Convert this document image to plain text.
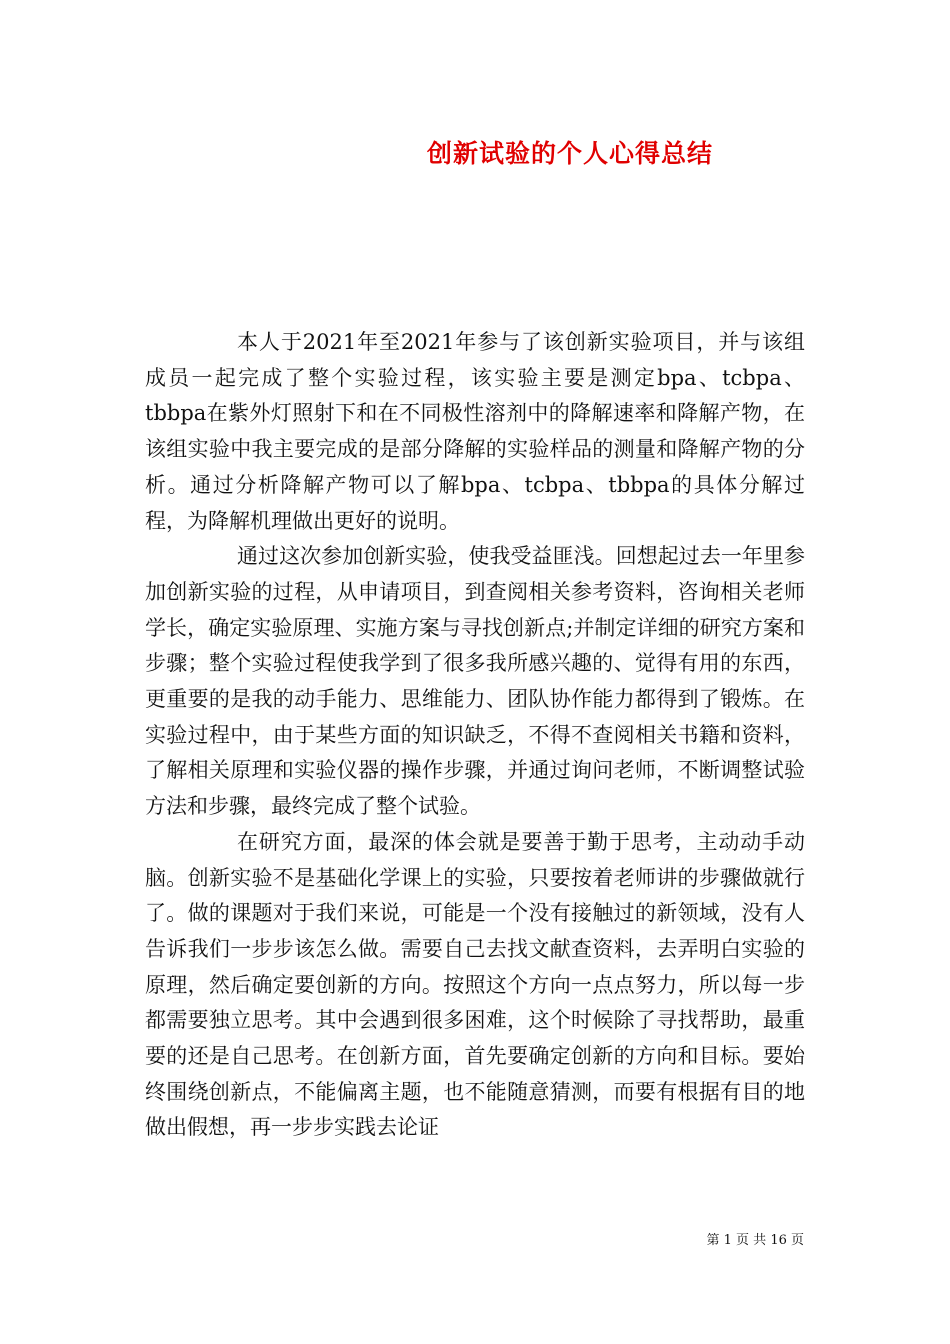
创新试验的个人心得总结

本人于2021年至2021年参与了该创新实验项目，并与该组成员一起完成了整个实验过程，该实验主要是测定bpa、tcbpa、tbbpa在紫外灯照射下和在不同极性溶剂中的降解速率和降解产物，在该组实验中我主要完成的是部分降解的实验样品的测量和降解产物的分析。通过分析降解产物可以了解bpa、tcbpa、tbbpa的具体分解过程，为降解机理做出更好的说明。

通过这次参加创新实验，使我受益匪浅。回想起过去一年里参加创新实验的过程，从申请项目，到查阅相关参考资料，咨询相关老师学长，确定实验原理、实施方案与寻找创新点;并制定详细的研究方案和步骤；整个实验过程使我学到了很多我所感兴趣的、觉得有用的东西，更重要的是我的动手能力、思维能力、团队协作能力都得到了锻炼。在实验过程中，由于某些方面的知识缺乏，不得不查阅相关书籍和资料，了解相关原理和实验仪器的操作步骤，并通过询问老师，不断调整试验方法和步骤，最终完成了整个试验。

在研究方面，最深的体会就是要善于勤于思考，主动动手动脑。创新实验不是基础化学课上的实验，只要按着老师讲的步骤做就行了。做的课题对于我们来说，可能是一个没有接触过的新领域，没有人告诉我们一步步该怎么做。需要自己去找文献查资料，去弄明白实验的原理，然后确定要创新的方向。按照这个方向一点点努力，所以每一步都需要独立思考。其中会遇到很多困难，这个时候除了寻找帮助，最重要的还是自己思考。在创新方面，首先要确定创新的方向和目标。要始终围绕创新点，不能偏离主题，也不能随意猜测，而要有根据有目的地做出假想，再一步步实践去论证

第 1 页 共 16 页
